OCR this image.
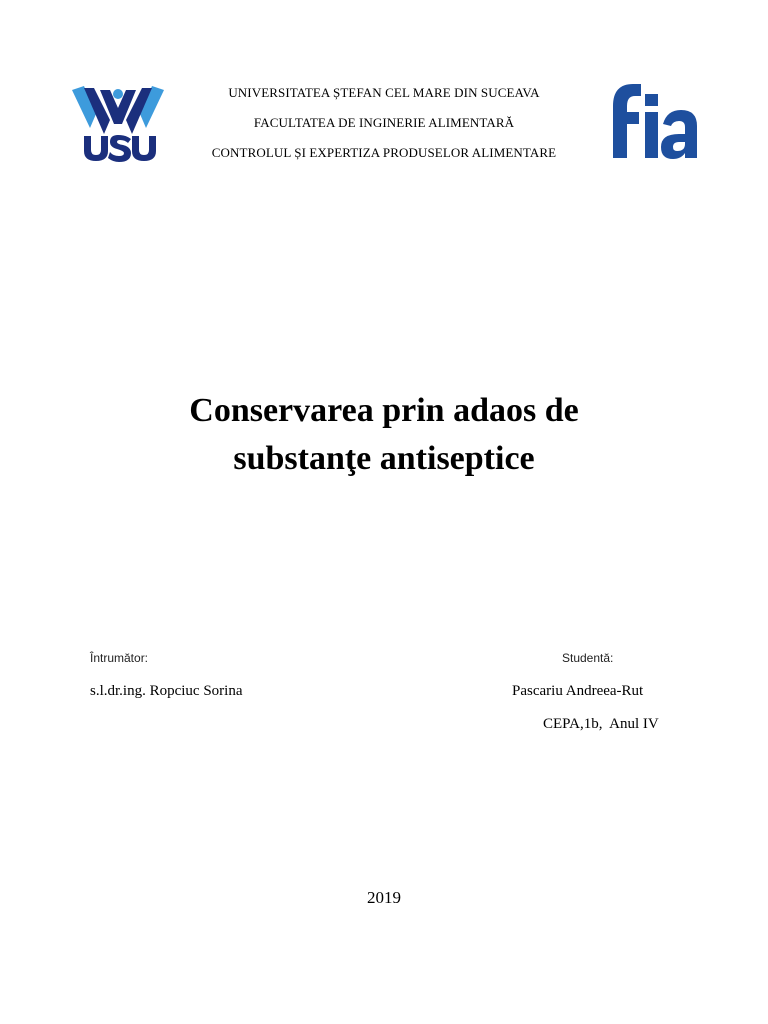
UNIVERSITATEA ȘTEFAN CEL MARE DIN SUCEAVA
FACULTATEA DE INGINERIE ALIMENTARĂ
CONTROLUL ȘI EXPERTIZA PRODUSELOR ALIMENTARE
Conservarea prin adaos de
substanţe antiseptice
Întrumător:	Studentă:
s.l.dr.ing. Ropciuc Sorina	Pascariu Andreea-Rut
CEPA,1b,  Anul IV
2019
